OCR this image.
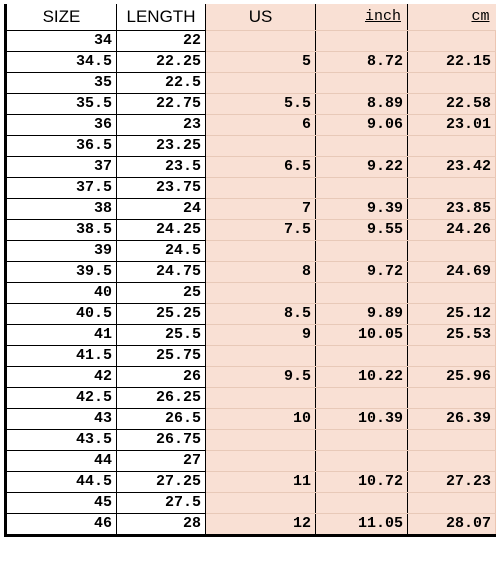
SIZE	LENGTH	US	inch	cm
34	22			
34.5	22.25	5	8.72	22.15
35	22.5			
35.5	22.75	5.5	8.89	22.58
36	23	6	9.06	23.01
36.5	23.25			
37	23.5	6.5	9.22	23.42
37.5	23.75			
38	24	7	9.39	23.85
38.5	24.25	7.5	9.55	24.26
39	24.5			
39.5	24.75	8	9.72	24.69
40	25			
40.5	25.25	8.5	9.89	25.12
41	25.5	9	10.05	25.53
41.5	25.75			
42	26	9.5	10.22	25.96
42.5	26.25			
43	26.5	10	10.39	26.39
43.5	26.75			
44	27			
44.5	27.25	11	10.72	27.23
45	27.5			
46	28	12	11.05	28.07
